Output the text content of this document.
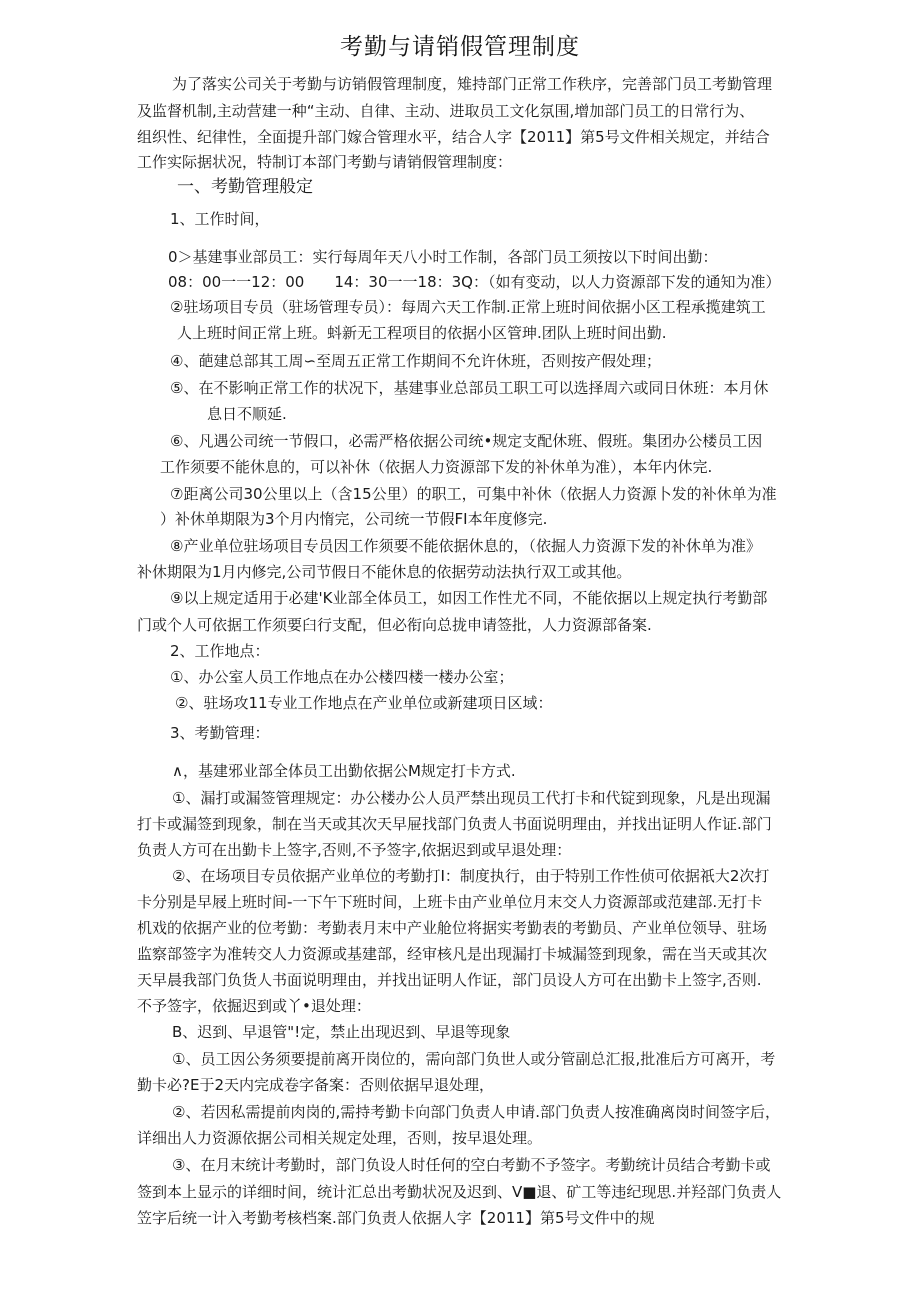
考勤与请销假管理制度
为了落实公司关于考勤与访销假管理制度，雉持部门正常工作秩序，完善部门员工考勤管理
及监督机制,主动营建一种“主动、自律、主动、进取员工文化氛围,增加部门员工的日常行为、
组织性、纪律性，全面提升部门嫁合管理水平，结合人字【2011】第5号文件相关规定，并结合
工作实际据状况，特制订本部门考勤与请销假管理制度：
一、考勤管理般定
1、工作时间，
0＞基建事业部员工：实行每周年天八小时工作制，各部门员工须按以下时间出勤：
08：00一一12：00　　14：30一一18：3Q：（如有变动，以人力资源部下发的通知为准）
②驻场项目专员（驻场管理专员）：每周六天工作制.正常上班时间依据小区工程承揽建筑工
人上班时间正常上班。蚪新无工程项目的依据小区管珅.团队上班时间出勤.
④、葩建总部其工周∽至周五正常工作期间不允许休班，否则按产假处理；
⑤、在不影响正常工作的状况下，基建事业总部员工职工可以选择周六或同日休班：本月休
息日不顺延.
⑥、凡遇公司统一节假口，必需严格依据公司统•规定支配休班、假班。集团办公楼员工因
工作须要不能休息的，可以补休（依据人力资源部下发的补休单为准），本年内休完.
⑦距离公司30公里以上（含15公里）的职工，可集中补休（依据人力资源卜发的补休单为准
）补休单期限为3个月内惰完，公司统一节假FI本年度修完.
⑧产业单位驻场项目专员因工作须要不能依据休息的，（依掘人力资源下发的补休单为准》
补休期限为1月内修完,公司节假日不能休息的依据劳动法执行双工或其他。
⑨以上规定适用于必建'K业部全体员工，如因工作性尤不同，不能依据以上规定执行考勤部
门或个人可依据工作须要臼行支配，但必衔向总拢申请签批，人力资源部备案.
2、工作地点：
①、办公室人员工作地点在办公楼四楼一楼办公室；
②、驻场攻11专业工作地点在产业单位或新建项日区域：
3、考勤管理：
∧，基建邪业部全体员工出勤依据公M规定打卡方式.
①、漏打或漏签管理规定：办公楼办公人员严禁出现员工代打卡和代锭到现象，凡是出现漏
打卡或漏签到现象，制在当天或其次天早屉找部门负责人书面说明理由，并找出证明人作证.部门
负责人方可在出勤卡上签字,否则,不予签字,依据迟到或早退处理：
②、在场项目专员依据产业单位的考勤打I：制度执行，由于特别工作性侦可依据祇大2次打
卡分别是早屐上班时间-一下午下班时间，上班卡由产业单位月末交人力资源部或范建部.无打卡
机戏的依据产业的位考勤：考勤表月末中产业舱位将据实考勤表的考勤员、产业单位领导、驻场
监察部签字为准转交人力资源或基建部，经审核凡是出现漏打卡城漏签到现象，需在当天或其次
天早晨我部门负货人书面说明理由，并找出证明人作证，部门员设人方可在出勤卡上签字,否则.
不予签字，依掘迟到或丫•退处理：
B、迟到、早退管"!定，禁止出现迟到、早退等现象
①、员工因公务须要提前离开岗位的，需向部门负世人或分管副总汇报,批准后方可离开，考
勤卡必?E于2天内完成卷字备案：否则依据早退处理，
②、若因私需提前肉岗的,需持考勤卡向部门负责人申请.部门负责人按准确离岗时间签字后，
详细出人力资源依据公司相关规定处理，否则，按早退处理。
③、在月末统计考勤时，部门负设人时任何的空白考勤不予签字。考勤统计员结合考勤卡或
签到本上显示的详细时间，统计汇总出考勤状况及迟到、V■退、矿工等违纪现思.并羟部门负责人
笠字后统一计入考勤考核档案.部门负责人依据人字【2011】第5号文件中的规
